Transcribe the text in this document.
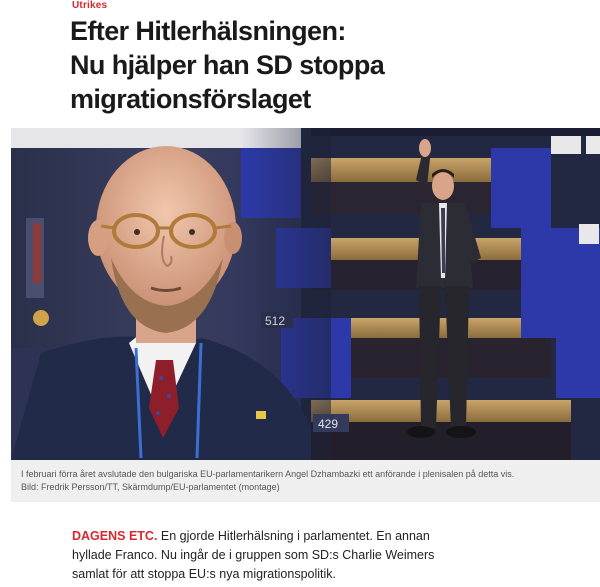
Utrikes
Efter Hitlerhälsningen:
Nu hjälper han SD stoppa
migrationsförslaget
512
429
I februari förra året avslutade den bulgariska EU-parlamentarikern Angel Dzhambazki ett anförande i plenisalen på detta vis.
Bild: Fredrik Persson/TT, Skärmdump/EU-parlamentet (montage)

DAGENS ETC. En gjorde Hitlerhälsning i parlamentet. En annan hyllade Franco. Nu ingår de i gruppen som SD:s Charlie Weimers samlat för att stoppa EU:s nya migrationspolitik.
